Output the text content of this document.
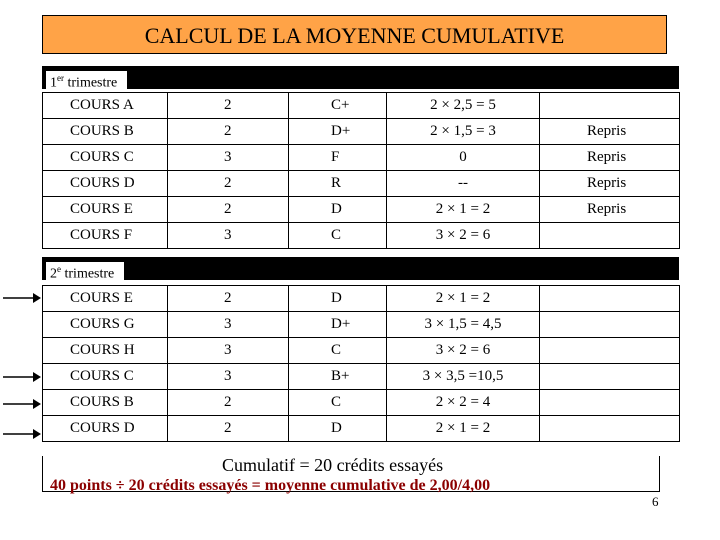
CALCUL DE LA MOYENNE CUMULATIVE
1er trimestre
COURS A	2	C+	2 × 2,5 = 5	
COURS B	2	D+	2 × 1,5 = 3	Repris
COURS C	3	F	0	Repris
COURS D	2	R	--	Repris
COURS E	2	D	2 × 1 = 2	Repris
COURS F	3	C	3 × 2 = 6	
2e trimestre
COURS E	2	D	2 × 1 = 2	
COURS G	3	D+	3 × 1,5 = 4,5	
COURS H	3	C	3 × 2 = 6	
COURS C	3	B+	3 × 3,5 =10,5	
COURS B	2	C	2 × 2 = 4	
COURS D	2	D	2 × 1 = 2	
Cumulatif = 20 crédits essayés
40 points ÷ 20 crédits essayés = moyenne cumulative de 2,00/4,00
6
